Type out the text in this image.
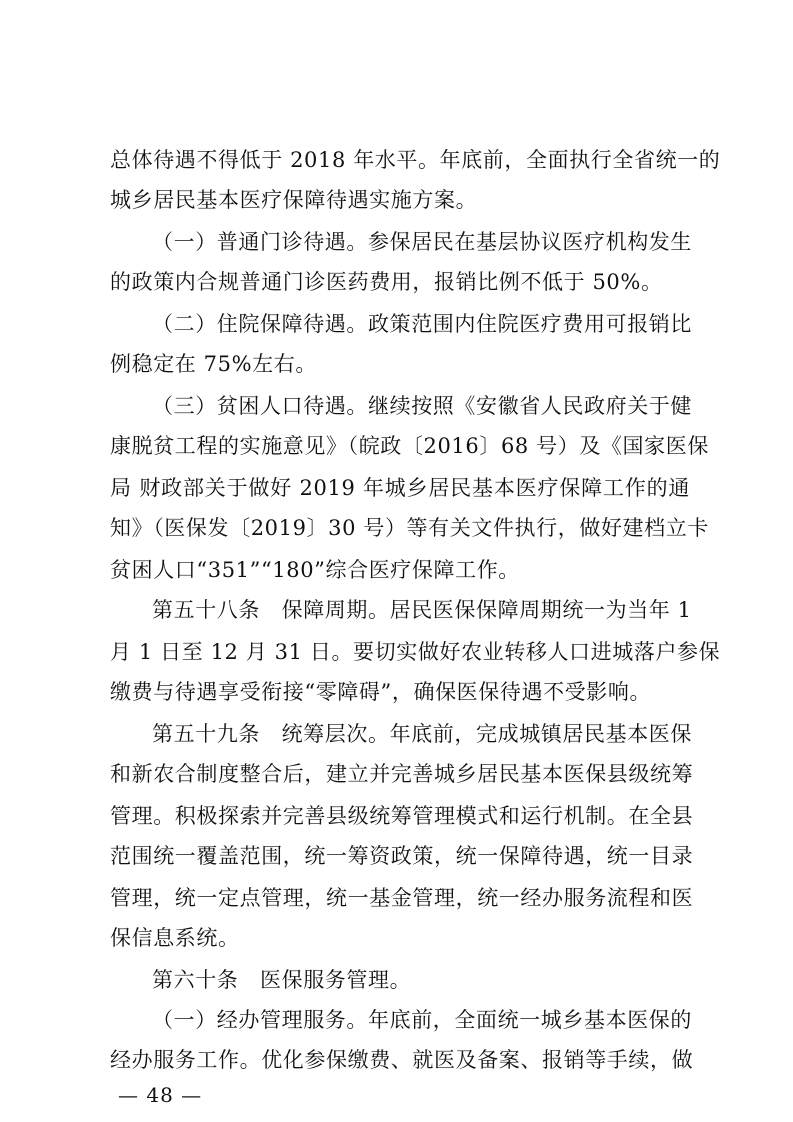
总体待遇不得低于 2018 年水平。年底前，全面执行全省统一的
城乡居民基本医疗保障待遇实施方案。
（一）普通门诊待遇。参保居民在基层协议医疗机构发生
的政策内合规普通门诊医药费用，报销比例不低于 50%。
（二）住院保障待遇。政策范围内住院医疗费用可报销比
例稳定在 75%左右。
（三）贫困人口待遇。继续按照《安徽省人民政府关于健
康脱贫工程的实施意见》（皖政〔2016〕68 号）及《国家医保
局 财政部关于做好 2019 年城乡居民基本医疗保障工作的通
知》（医保发〔2019〕30 号）等有关文件执行，做好建档立卡
贫困人口“351”“180”综合医疗保障工作。
第五十八条　保障周期。居民医保保障周期统一为当年 1
月 1 日至 12 月 31 日。要切实做好农业转移人口进城落户参保
缴费与待遇享受衔接“零障碍”，确保医保待遇不受影响。
第五十九条　统筹层次。年底前，完成城镇居民基本医保
和新农合制度整合后，建立并完善城乡居民基本医保县级统筹
管理。积极探索并完善县级统筹管理模式和运行机制。在全县
范围统一覆盖范围，统一筹资政策，统一保障待遇，统一目录
管理，统一定点管理，统一基金管理，统一经办服务流程和医
保信息系统。
第六十条　医保服务管理。
（一）经办管理服务。年底前，全面统一城乡基本医保的
经办服务工作。优化参保缴费、就医及备案、报销等手续，做
— 48 —
